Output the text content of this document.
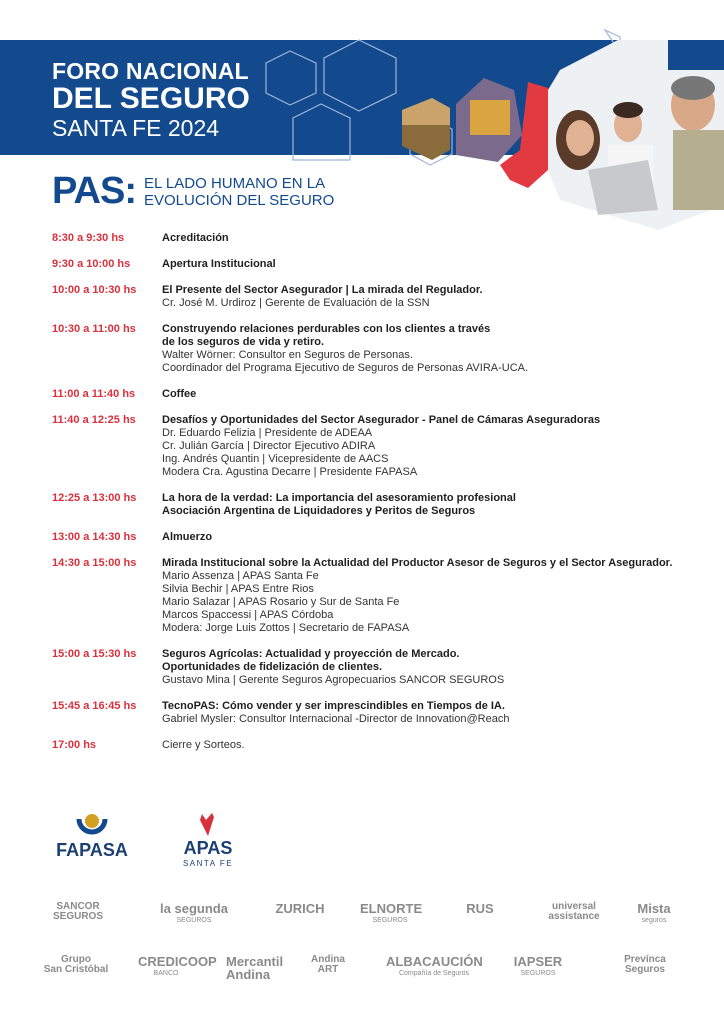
FORO NACIONAL
DEL SEGURO
SANTA FE 2024
PAS: EL LADO HUMANO EN LA
EVOLUCIÓN DEL SEGURO
8:30 a 9:30 hs	Acreditación
9:30 a 10:00 hs	Apertura Institucional
10:00 a 10:30 hs	El Presente del Sector Asegurador | La mirada del Regulador.
Cr. José M. Urdiroz | Gerente de Evaluación de la SSN
10:30 a 11:00 hs	Construyendo relaciones perdurables con los clientes a través
de los seguros de vida y retiro.
Walter Wörner: Consultor en Seguros de Personas.
Coordinador del Programa Ejecutivo de Seguros de Personas AVIRA-UCA.
11:00 a 11:40 hs	Coffee
11:40 a 12:25 hs	Desafíos y Oportunidades del Sector Asegurador - Panel de Cámaras Aseguradoras
Dr. Eduardo Felizia | Presidente de ADEAA
Cr. Julián García | Director Ejecutivo ADIRA
Ing. Andrés Quantin | Vicepresidente de AACS
Modera Cra. Agustina Decarre | Presidente FAPASA
12:25 a 13:00 hs	La hora de la verdad: La importancia del asesoramiento profesional
Asociación Argentina de Liquidadores y Peritos de Seguros
13:00 a 14:30 hs	Almuerzo
14:30 a 15:00 hs	Mirada Institucional sobre la Actualidad del Productor Asesor de Seguros y el Sector Asegurador.
Mario Assenza | APAS Santa Fe
Silvia Bechir | APAS Entre Rios
Mario Salazar | APAS Rosario y Sur de Santa Fe
Marcos Spaccessi | APAS Córdoba
Modera: Jorge Luis Zottos | Secretario de FAPASA
15:00 a 15:30 hs	Seguros Agrícolas: Actualidad y proyección de Mercado.
Oportunidades de fidelización de clientes.
Gustavo Mina | Gerente Seguros Agropecuarios SANCOR SEGUROS
15:45 a 16:45 hs	TecnoPAS: Cómo vender y ser imprescindibles en Tiempos de IA.
Gabriel Mysler: Consultor Internacional -Director de Innovation@Reach
17:00 hs	Cierre y Sorteos.
FAPASA	APAS
SANTA FE
SANCOR
SEGUROS
la segunda
SEGUROS
ZURICH	ELNORTE
SEGUROS
RUS	universal
assistance
Mista
seguros
Grupo
San Cristóbal
CREDICOOP
BANCO
Mercantil Andina
Andina
ART
ALBACAUCIÓN
Compañía de Seguros
IAPSER
SEGUROS
Prevínca
Seguros
